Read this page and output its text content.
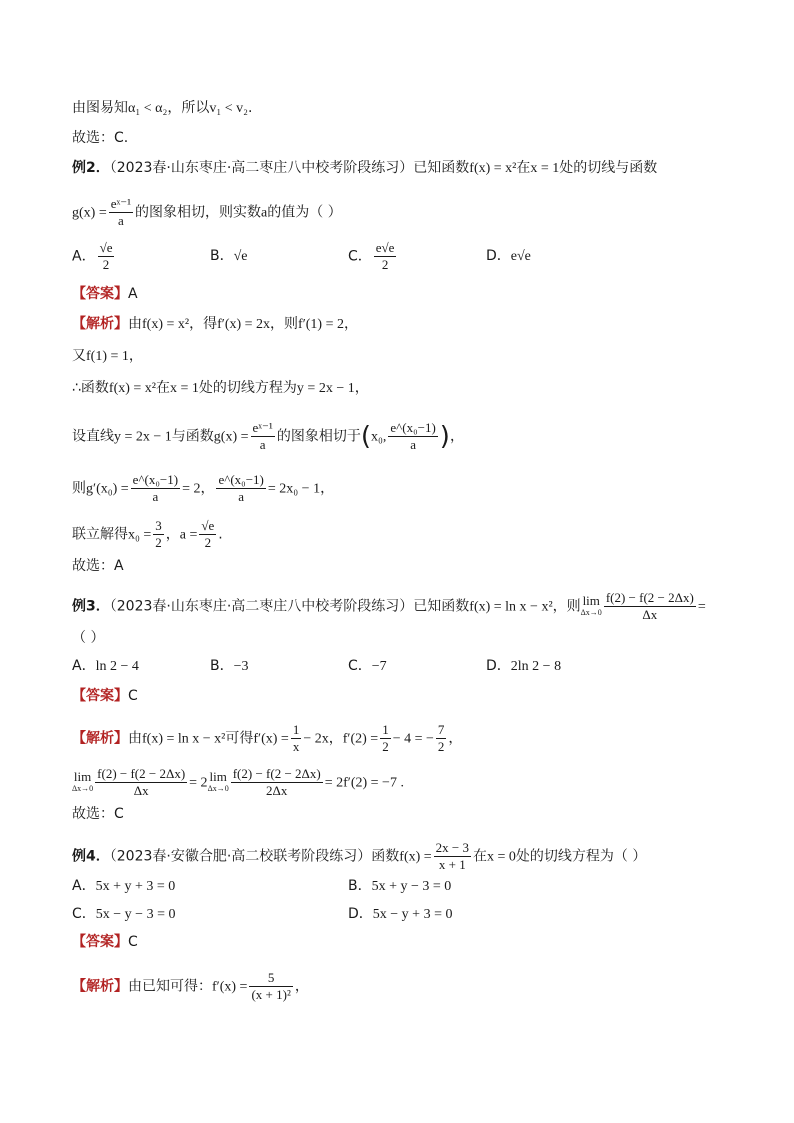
由图易知α₁ < α₂，所以v₁ < v₂.
故选：C.
例2．（2023春·山东枣庄·高二枣庄八中校考阶段练习）已知函数f(x) = x²在x = 1处的切线与函数
$g(x) = \frac{\text{eˣ⁻¹}}{a}$ 的图象相切，则实数a的值为（ ）
A． $\frac{√e}{2}$	B．√e	C． $\frac{e√e}{2}$	D．e√e
【答案】A
【解析】由f(x) = x²，得f′(x) = 2x，则f′(1) = 2，
又f(1) = 1，
∴函数f(x) = x²在x = 1处的切线方程为y = 2x − 1，
设直线y = 2x − 1与函数$g(x) = \frac{\text{eˣ⁻¹}}{a}$ 的图象相切于(x₀, $\frac{\text{e\textasciicircum{}(x₀−1)}}{a}$ )，
则$g'(x_0) = \frac{\text{e\textasciicircum{}(x₀−1)}}{a} = 2$， $\frac{\text{e\textasciicircum{}(x₀−1)}}{a} = 2x_0 - 1$，
联立解得$x_0 = \frac{3}{2}$ ，$a = \frac{√e}{2}$ .
故选：A
例3．（2023春·山东枣庄·高二枣庄八中校考阶段练习）已知函数f(x) = ln x − x²，则 lim
$\Delta x\to 0 \frac{f(2) - f(2 - 2\Delta x)}{\Delta x}$ =
（ ）
A．ln 2 − 4	B．−3	C．−7	D．2ln 2 − 8
【答案】C
【解析】由f(x) = ln x − x²可得$f'(x) = \frac{1}{x} - 2x$，$f'(2) = \frac{1}{2} - 4$ = − $\frac{7}{2}$ ，
lim
$\Delta x\to 0 \frac{f(2) - f(2 - 2\Delta x)}{\Delta x} = 2$ lim
$\Delta x\to 0 \frac{f(2) - f(2 - 2\Delta x)}{2\Delta x} = 2f'(2) = -7$ .
故选：C
例4．（2023春·安徽合肥·高二校联考阶段练习）函数$f(x) = \frac{2x - 3}{x + 1}$ 在x = 0处的切线方程为（ ）
A．5x + y + 3 = 0	B．5x + y − 3 = 0
C．5x − y − 3 = 0	D．5x − y + 3 = 0
【答案】C
【解析】由已知可得：$f'(x) = \frac{5}{\text{(x + 1)²}}$ ，
